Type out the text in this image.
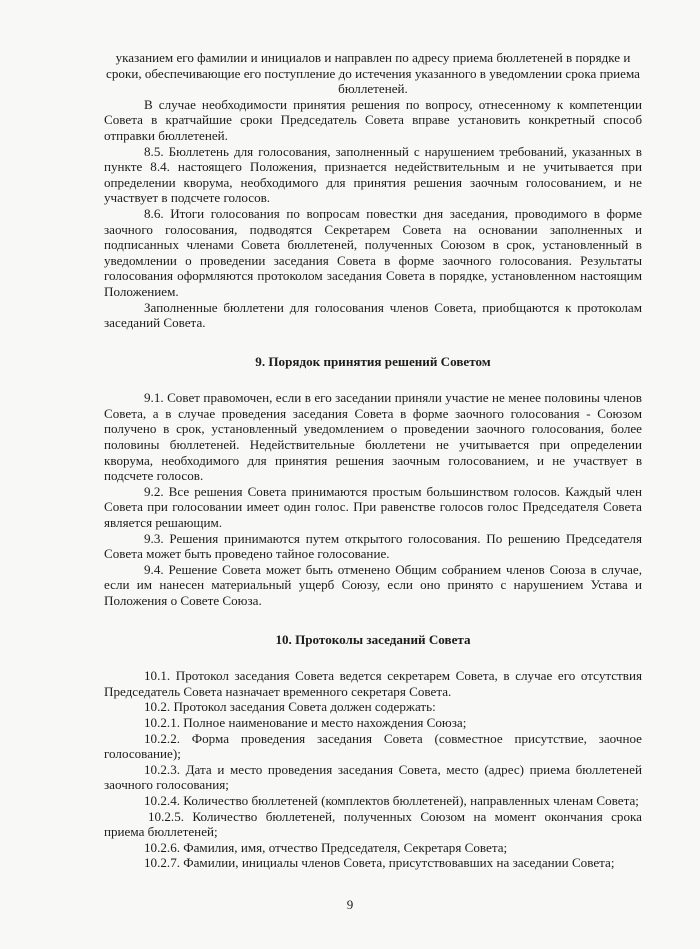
указанием его фамилии и инициалов и направлен по адресу приема бюллетеней в порядке и сроки, обеспечивающие его поступление до истечения указанного в уведомлении срока приема бюллетеней.

В случае необходимости принятия решения по вопросу, отнесенному к компетенции Совета в кратчайшие сроки Председатель Совета вправе установить конкретный способ отправки бюллетеней.

8.5. Бюллетень для голосования, заполненный с нарушением требований, указанных в пункте 8.4. настоящего Положения, признается недействительным и не учитывается при определении кворума, необходимого для принятия решения заочным голосованием, и не участвует в подсчете голосов.

8.6. Итоги голосования по вопросам повестки дня заседания, проводимого в форме заочного голосования, подводятся Секретарем Совета на основании заполненных и подписанных членами Совета бюллетеней, полученных Союзом в срок, установленный в уведомлении о проведении заседания Совета в форме заочного голосования. Результаты голосования оформляются протоколом заседания Совета в порядке, установленном настоящим Положением.

Заполненные бюллетени для голосования членов Совета, приобщаются к протоколам заседаний Совета.

9. Порядок принятия решений Советом

9.1. Совет правомочен, если в его заседании приняли участие не менее половины членов Совета, а в случае проведения заседания Совета в форме заочного голосования - Союзом получено в срок, установленный уведомлением о проведении заочного голосования, более половины бюллетеней. Недействительные бюллетени не учитывается при определении кворума, необходимого для принятия решения заочным голосованием, и не участвует в подсчете голосов.

9.2. Все решения Совета принимаются простым большинством голосов. Каждый член Совета при голосовании имеет один голос. При равенстве голосов голос Председателя Совета является решающим.

9.3. Решения принимаются путем открытого голосования. По решению Председателя Совета может быть проведено тайное голосование.

9.4. Решение Совета может быть отменено Общим собранием членов Союза в случае, если им нанесен материальный ущерб Союзу, если оно принято с нарушением Устава и Положения о Совете Союза.

10. Протоколы заседаний Совета

10.1. Протокол заседания Совета ведется секретарем Совета, в случае его отсутствия Председатель Совета назначает временного секретаря Совета.

10.2. Протокол заседания Совета должен содержать:

10.2.1. Полное наименование и место нахождения Союза;

10.2.2. Форма проведения заседания Совета (совместное присутствие, заочное голосование);

10.2.3. Дата и место проведения заседания Совета, место (адрес) приема бюллетеней заочного голосования;

10.2.4. Количество бюллетеней (комплектов бюллетеней), направленных членам Совета;

10.2.5. Количество бюллетеней, полученных Союзом на момент окончания срока приема бюллетеней;

10.2.6. Фамилия, имя, отчество Председателя, Секретаря Совета;

10.2.7. Фамилии, инициалы членов Совета, присутствовавших на заседании Совета;

9
